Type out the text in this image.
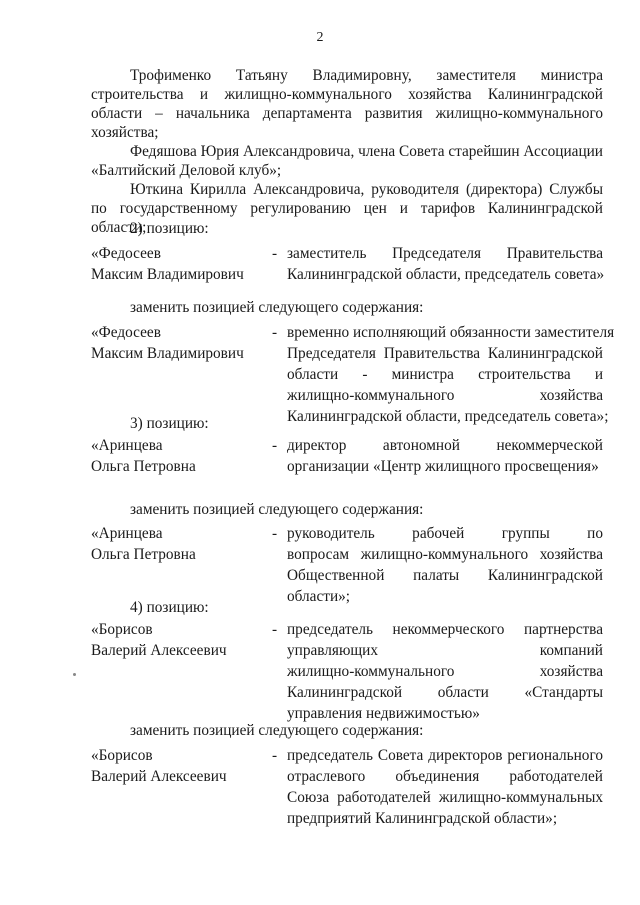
2
Трофименко Татьяну Владимировну, заместителя министра
строительства и жилищно-коммунального хозяйства Калининградской
области – начальника департамента развития жилищно-коммунального
хозяйства;
Федяшова Юрия Александровича, члена Совета старейшин Ассоциации
«Балтийский Деловой клуб»;
Юткина Кирилла Александровича, руководителя (директора) Службы
по государственному регулированию цен и тарифов Калининградской
области;
2) позицию:
«Федосеев
Максим Владимирович
- заместитель Председателя Правительства
Калининградской области, председатель совета»
заменить позицией следующего содержания:
«Федосеев
Максим Владимирович
- временно исполняющий обязанности заместителя
Председателя Правительства Калининградской
области - министра строительства и
жилищно-коммунального хозяйства
Калининградской области, председатель совета»;
3) позицию:
«Аринцева
Ольга Петровна
- директор автономной некоммерческой
организации «Центр жилищного просвещения»
заменить позицией следующего содержания:
«Аринцева
Ольга Петровна
- руководитель рабочей группы по
вопросам жилищно-коммунального хозяйства
Общественной палаты Калининградской
области»;
4) позицию:
«Борисов
Валерий Алексеевич
- председатель некоммерческого партнерства
управляющих компаний
жилищно-коммунального хозяйства
Калининградской области «Стандарты
управления недвижимостью»
заменить позицией следующего содержания:
«Борисов
Валерий Алексеевич
- председатель Совета директоров регионального
отраслевого объединения работодателей
Союза работодателей жилищно-коммунальных
предприятий Калининградской области»;
